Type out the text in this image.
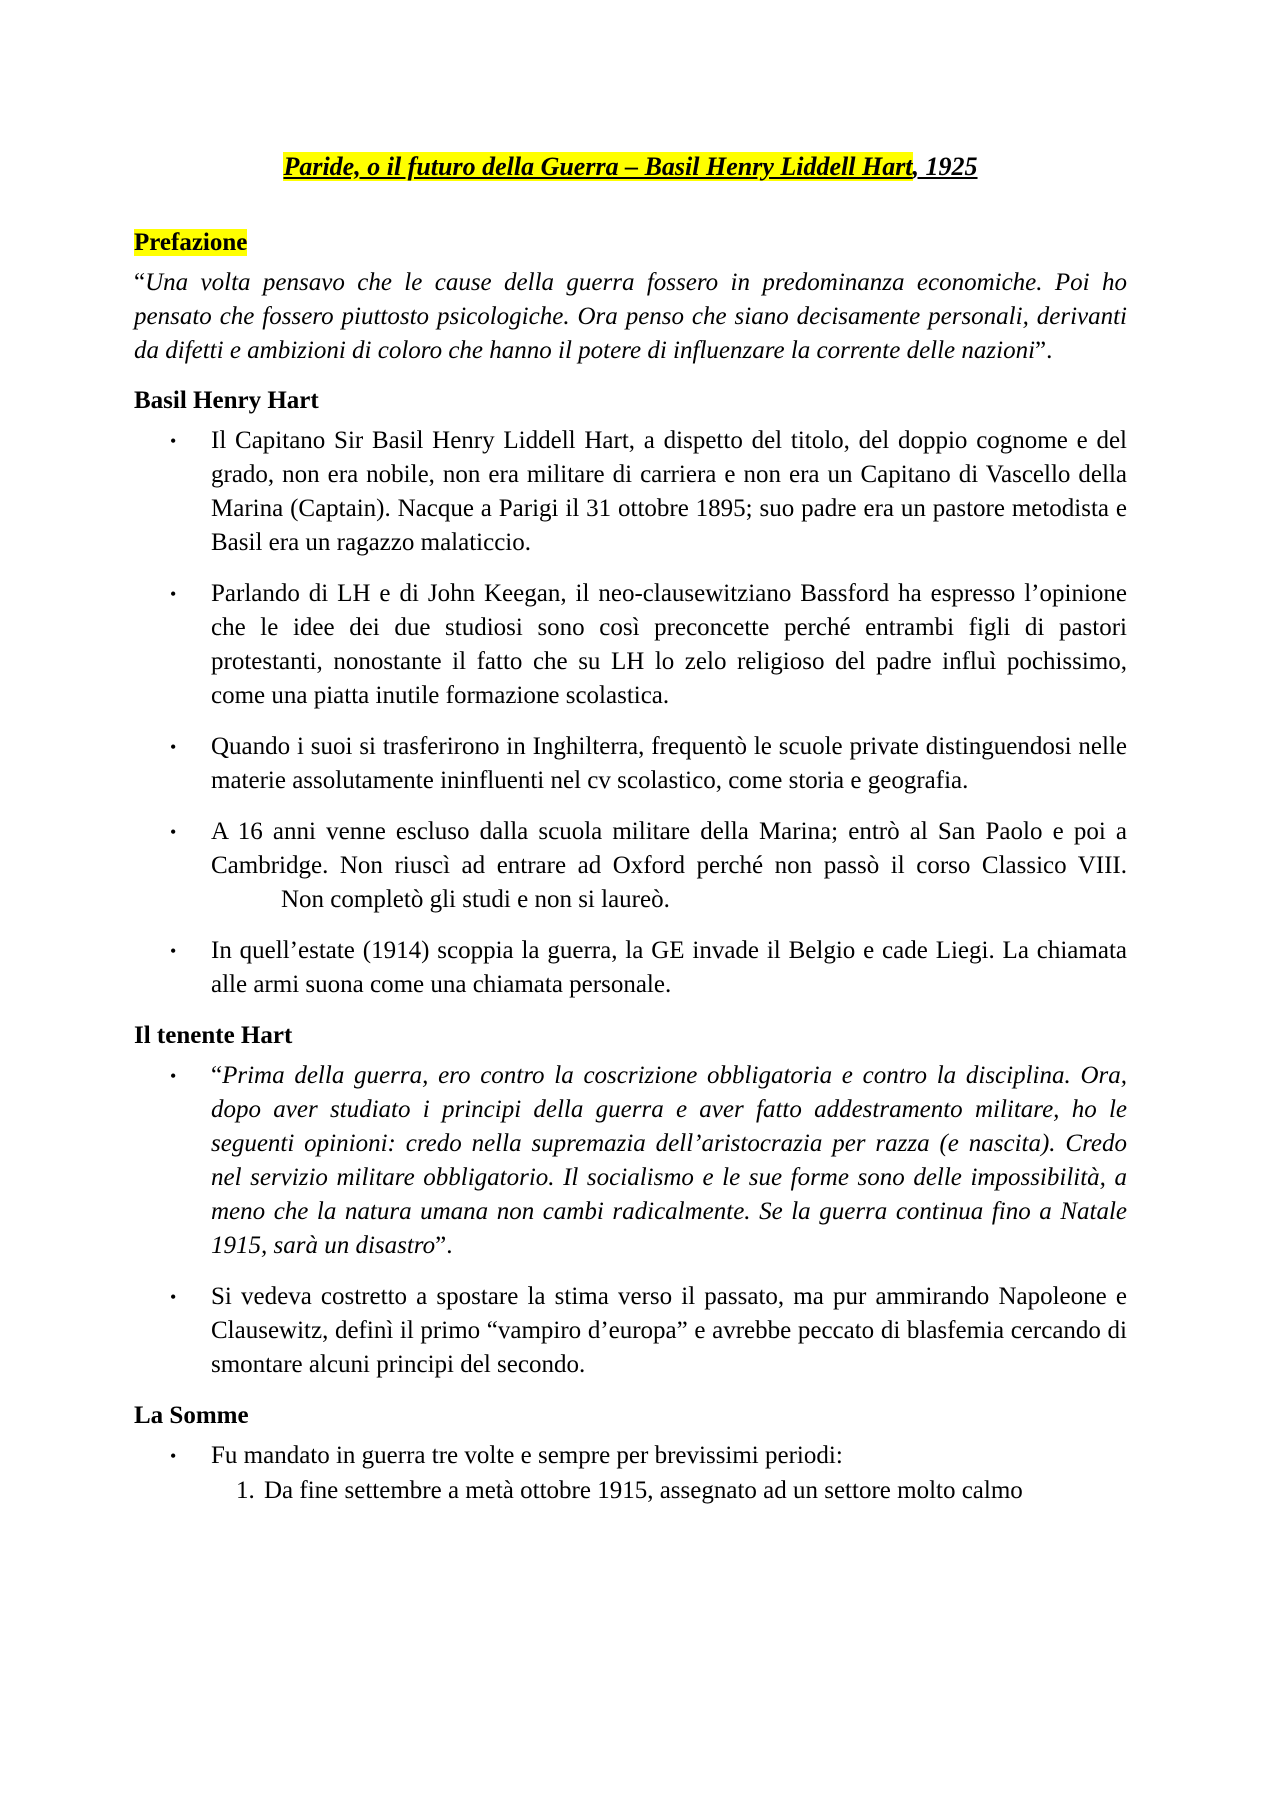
Paride, o il futuro della Guerra – Basil Henry Liddell Hart, 1925
Prefazione
“Una volta pensavo che le cause della guerra fossero in predominanza economiche. Poi ho pensato che fossero piuttosto psicologiche. Ora penso che siano decisamente personali, derivanti da difetti e ambizioni di coloro che hanno il potere di influenzare la corrente delle nazioni”.
Basil Henry Hart
• Il Capitano Sir Basil Henry Liddell Hart, a dispetto del titolo, del doppio cognome e del grado, non era nobile, non era militare di carriera e non era un Capitano di Vascello della Marina (Captain). Nacque a Parigi il 31 ottobre 1895; suo padre era un pastore metodista e Basil era un ragazzo malaticcio.
• Parlando di LH e di John Keegan, il neo-clausewitziano Bassford ha espresso l’opinione che le idee dei due studiosi sono così preconcette perché entrambi figli di pastori protestanti, nonostante il fatto che su LH lo zelo religioso del padre influì pochissimo, come una piatta inutile formazione scolastica.
• Quando i suoi si trasferirono in Inghilterra, frequentò le scuole private distinguendosi nelle materie assolutamente ininfluenti nel cv scolastico, come storia e geografia.
• A 16 anni venne escluso dalla scuola militare della Marina; entrò al San Paolo e poi a Cambridge. Non riuscì ad entrare ad Oxford perché non passò il corso Classico VIII.Non completò gli studi e non si laureò.
• In quell’estate (1914) scoppia la guerra, la GE invade il Belgio e cade Liegi. La chiamata alle armi suona come una chiamata personale.
Il tenente Hart
• “Prima della guerra, ero contro la coscrizione obbligatoria e contro la disciplina. Ora, dopo aver studiato i principi della guerra e aver fatto addestramento militare, ho le seguenti opinioni: credo nella supremazia dell’aristocrazia per razza (e nascita). Credo nel servizio militare obbligatorio. Il socialismo e le sue forme sono delle impossibilità, a meno che la natura umana non cambi radicalmente. Se la guerra continua fino a Natale 1915, sarà un disastro”.
• Si vedeva costretto a spostare la stima verso il passato, ma pur ammirando Napoleone e Clausewitz, definì il primo “vampiro d’europa” e avrebbe peccato di blasfemia cercando di smontare alcuni principi del secondo.
La Somme
• Fu mandato in guerra tre volte e sempre per brevissimi periodi:
1. Da fine settembre a metà ottobre 1915, assegnato ad un settore molto calmo
